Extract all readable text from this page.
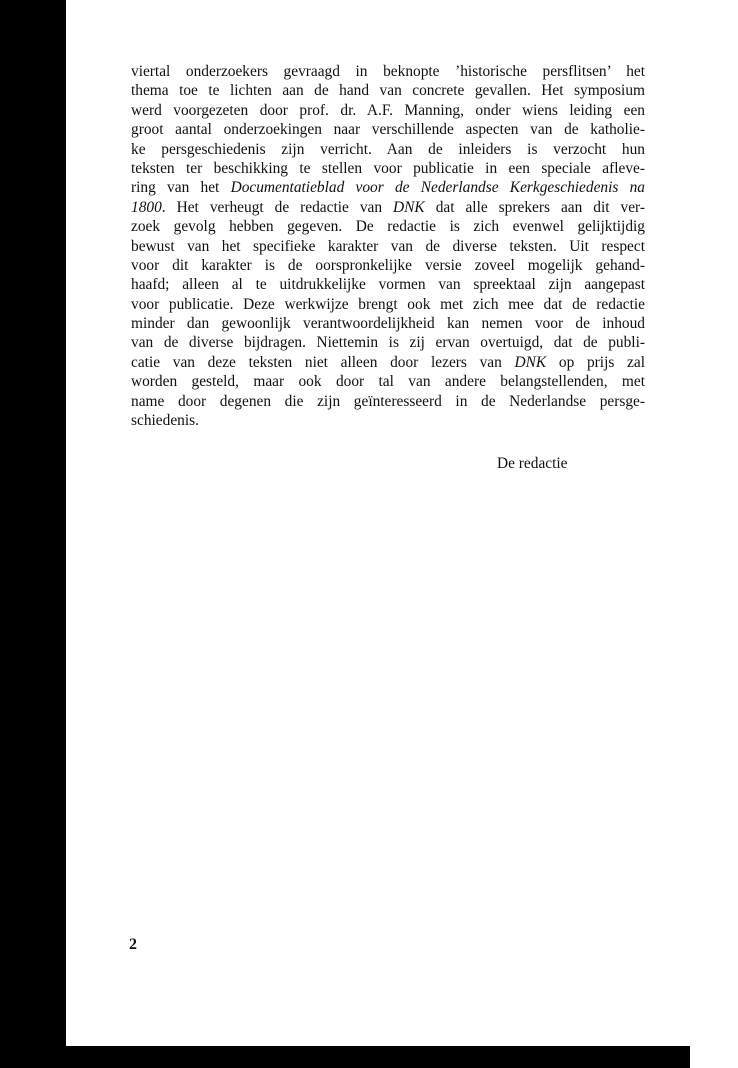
viertal onderzoekers gevraagd in beknopte ’historische persflitsen’ het
thema toe te lichten aan de hand van concrete gevallen. Het symposium
werd voorgezeten door prof. dr. A.F. Manning, onder wiens leiding een
groot aantal onderzoekingen naar verschillende aspecten van de katholie-
ke persgeschiedenis zijn verricht. Aan de inleiders is verzocht hun
teksten ter beschikking te stellen voor publicatie in een speciale afleve-
ring van het Documentatieblad voor de Nederlandse Kerkgeschiedenis na
1800. Het verheugt de redactie van DNK dat alle sprekers aan dit ver-
zoek gevolg hebben gegeven. De redactie is zich evenwel gelijktijdig
bewust van het specifieke karakter van de diverse teksten. Uit respect
voor dit karakter is de oorspronkelijke versie zoveel mogelijk gehand-
haafd; alleen al te uitdrukkelijke vormen van spreektaal zijn aangepast
voor publicatie. Deze werkwijze brengt ook met zich mee dat de redactie
minder dan gewoonlijk verantwoordelijkheid kan nemen voor de inhoud
van de diverse bijdragen. Niettemin is zij ervan overtuigd, dat de publi-
catie van deze teksten niet alleen door lezers van DNK op prijs zal
worden gesteld, maar ook door tal van andere belangstellenden, met
name door degenen die zijn geïnteresseerd in de Nederlandse persge-
schiedenis.
De redactie
2
